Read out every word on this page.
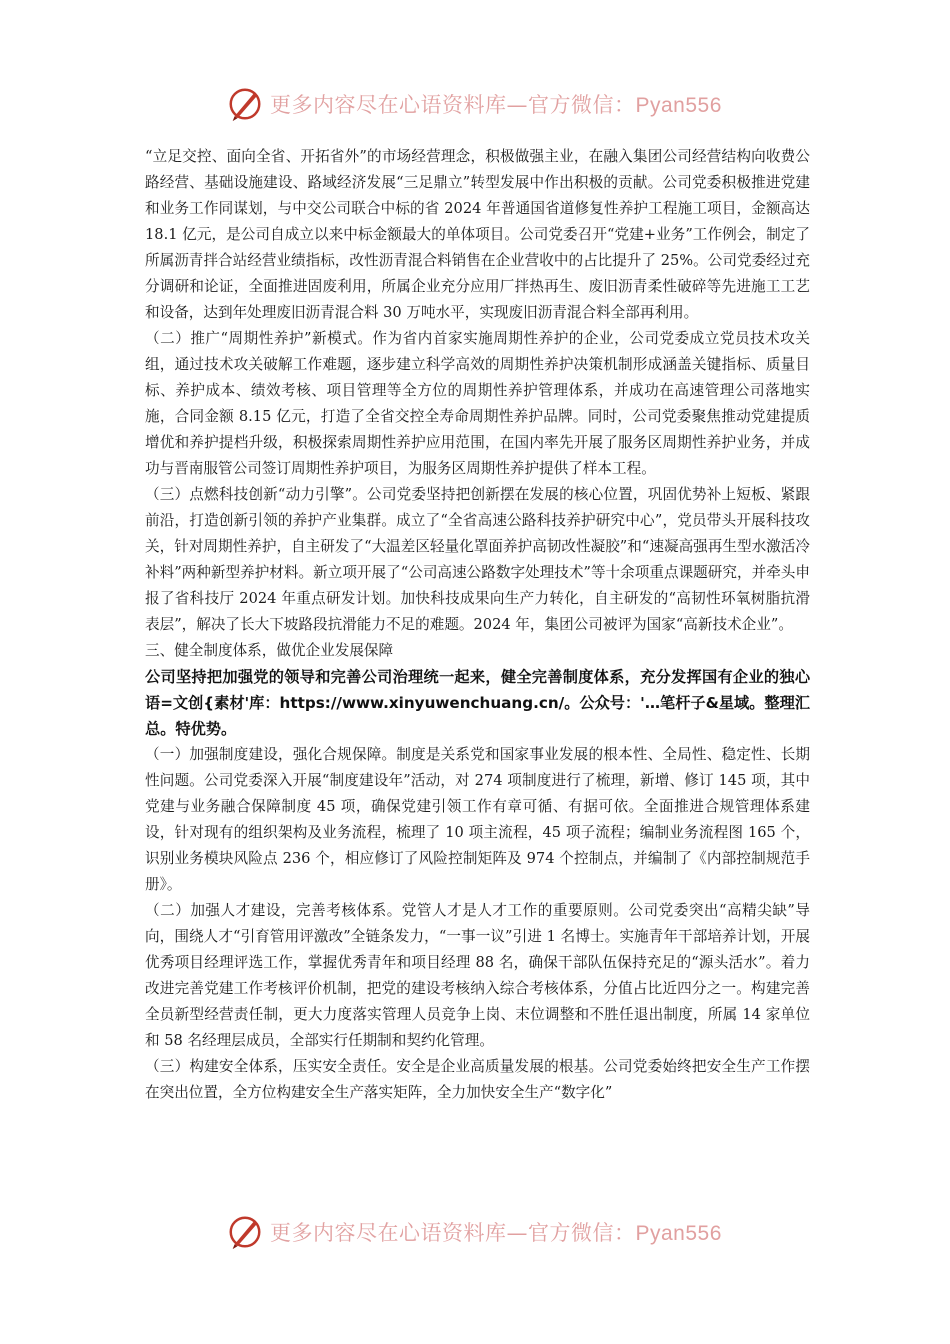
更多内容尽在心语资料库—官方微信：Pyan556

“立足交控、面向全省、开拓省外”的市场经营理念，积极做强主业，在融入集团公司经营结构向收费公路经营、基础设施建设、路域经济发展“三足鼎立”转型发展中作出积极的贡献。公司党委积极推进党建和业务工作同谋划，与中交公司联合中标的省 2024 年普通国省道修复性养护工程施工项目，金额高达 18.1 亿元，是公司自成立以来中标金额最大的单体项目。公司党委召开“党建+业务”工作例会，制定了所属沥青拌合站经营业绩指标，改性沥青混合料销售在企业营收中的占比提升了 25%。公司党委经过充分调研和论证，全面推进固废利用，所属企业充分应用厂拌热再生、废旧沥青柔性破碎等先进施工工艺和设备，达到年处理废旧沥青混合料 30 万吨水平，实现废旧沥青混合料全部再利用。

（二）推广“周期性养护”新模式。作为省内首家实施周期性养护的企业，公司党委成立党员技术攻关组，通过技术攻关破解工作难题，逐步建立科学高效的周期性养护决策机制形成涵盖关键指标、质量目标、养护成本、绩效考核、项目管理等全方位的周期性养护管理体系，并成功在高速管理公司落地实施，合同金额 8.15 亿元，打造了全省交控全寿命周期性养护品牌。同时，公司党委聚焦推动党建提质增优和养护提档升级，积极探索周期性养护应用范围，在国内率先开展了服务区周期性养护业务，并成功与晋南服管公司签订周期性养护项目，为服务区周期性养护提供了样本工程。

（三）点燃科技创新“动力引擎”。公司党委坚持把创新摆在发展的核心位置，巩固优势补上短板、紧跟前沿，打造创新引领的养护产业集群。成立了“全省高速公路科技养护研究中心”，党员带头开展科技攻关，针对周期性养护，自主研发了“大温差区轻量化罩面养护高韧改性凝胶”和“速凝高强再生型水激活冷补料”两种新型养护材料。新立项开展了“公司高速公路数字处理技术”等十余项重点课题研究，并牵头申报了省科技厅 2024 年重点研发计划。加快科技成果向生产力转化，自主研发的“高韧性环氧树脂抗滑表层”，解决了长大下坡路段抗滑能力不足的难题。2024 年，集团公司被评为国家“高新技术企业”。

三、健全制度体系，做优企业发展保障

公司坚持把加强党的领导和完善公司治理统一起来，健全完善制度体系，充分发挥国有企业的独心语=文创{素材'库：https://www.xinyuwenchuang.cn/。公众号：'…笔杆子&星域。整理汇总。特优势。

（一）加强制度建设，强化合规保障。制度是关系党和国家事业发展的根本性、全局性、稳定性、长期性问题。公司党委深入开展“制度建设年”活动，对 274 项制度进行了梳理，新增、修订 145 项，其中党建与业务融合保障制度 45 项，确保党建引领工作有章可循、有据可依。全面推进合规管理体系建设，针对现有的组织架构及业务流程，梳理了 10 项主流程，45 项子流程；编制业务流程图 165 个，识别业务模块风险点 236 个，相应修订了风险控制矩阵及 974 个控制点，并编制了《内部控制规范手册》。

（二）加强人才建设，完善考核体系。党管人才是人才工作的重要原则。公司党委突出“高精尖缺”导向，围绕人才“引育管用评激改”全链条发力，“一事一议”引进 1 名博士。实施青年干部培养计划，开展优秀项目经理评选工作，掌握优秀青年和项目经理 88 名，确保干部队伍保持充足的“源头活水”。着力改进完善党建工作考核评价机制，把党的建设考核纳入综合考核体系，分值占比近四分之一。构建完善全员新型经营责任制，更大力度落实管理人员竞争上岗、末位调整和不胜任退出制度，所属 14 家单位和 58 名经理层成员，全部实行任期制和契约化管理。

（三）构建安全体系，压实安全责任。安全是企业高质量发展的根基。公司党委始终把安全生产工作摆在突出位置，全方位构建安全生产落实矩阵，全力加快安全生产“数字化”

更多内容尽在心语资料库—官方微信：Pyan556
